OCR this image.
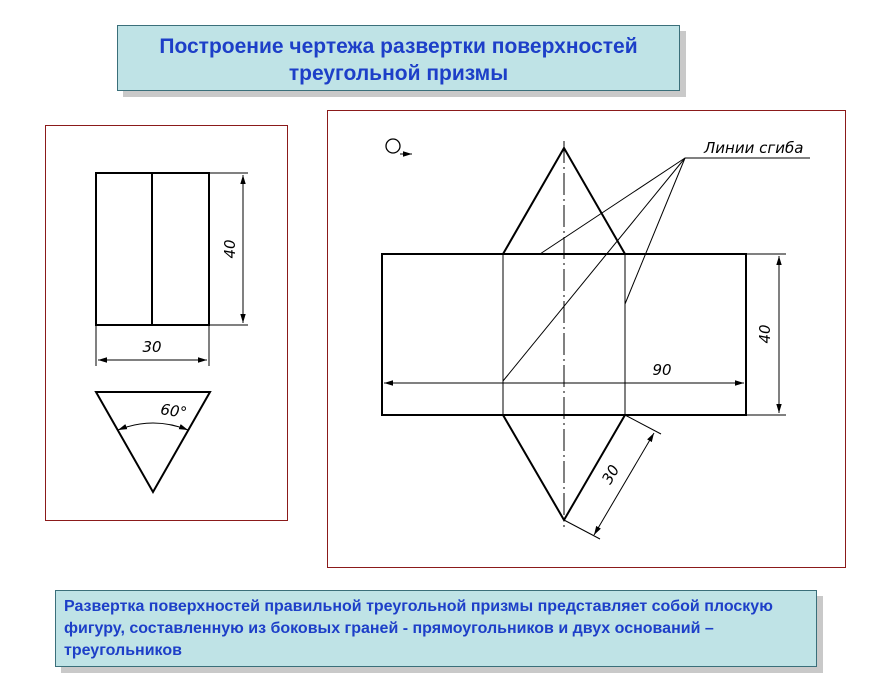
Построение чертежа развертки поверхностей
треугольной призмы
40
30
60°
Линии сгиба
90
40
30

Развертка поверхностей правильной треугольной призмы представляет собой плоскую фигуру, составленную из боковых граней - прямоугольников и двух оснований – треугольников
